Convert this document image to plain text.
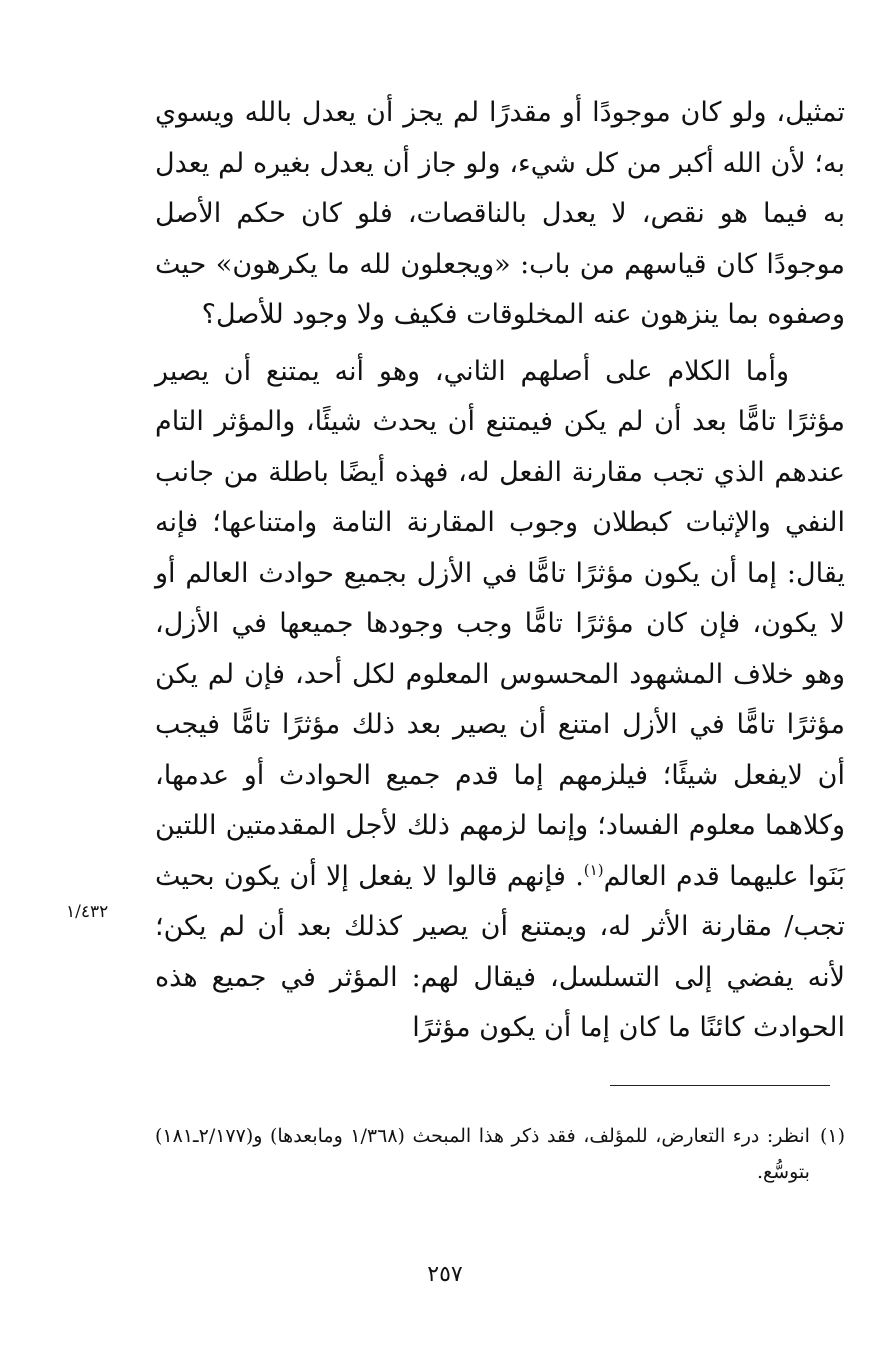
تمثيل، ولو كان موجودًا أو مقدرًا لم يجز أن يعدل بالله ويسوي به؛ لأن الله أكبر من كل شيء، ولو جاز أن يعدل بغيره لم يعدل به فيما هو نقص، لا يعدل بالناقصات، فلو كان حكم الأصل موجودًا كان قياسهم من باب: «ويجعلون لله ما يكرهون» حيث وصفوه بما ينزهون عنه المخلوقات فكيف ولا وجود للأصل؟

وأما الكلام على أصلهم الثاني، وهو أنه يمتنع أن يصير مؤثرًا تامًّا بعد أن لم يكن فيمتنع أن يحدث شيئًا، والمؤثر التام عندهم الذي تجب مقارنة الفعل له، فهذه أيضًا باطلة من جانب النفي والإثبات كبطلان وجوب المقارنة التامة وامتناعها؛ فإنه يقال: إما أن يكون مؤثرًا تامًّا في الأزل بجميع حوادث العالم أو لا يكون، فإن كان مؤثرًا تامًّا وجب وجودها جميعها في الأزل، وهو خلاف المشهود المحسوس المعلوم لكل أحد، فإن لم يكن مؤثرًا تامًّا في الأزل امتنع أن يصير بعد ذلك مؤثرًا تامًّا فيجب أن لايفعل شيئًا؛ فيلزمهم إما قدم جميع الحوادث أو عدمها، وكلاهما معلوم الفساد؛ وإنما لزمهم ذلك لأجل المقدمتين اللتين بَنَوا عليهما قدم العالم$^{(١)}$. فإنهم قالوا لا يفعل إلا أن يكون بحيث تجب/ مقارنة الأثر له، ويمتنع أن يصير كذلك بعد أن لم يكن؛ لأنه يفضي إلى التسلسل، فيقال لهم: المؤثر في جميع هذه الحوادث كائنًا ما كان إما أن يكون مؤثرًا

١/٤٣٢
(١)
انظر: درء التعارض، للمؤلف، فقد ذكر هذا المبحث (١/٣٦٨ ومابعدها) و(٢/١٧٧ـ١٨١) بتوسُّع.
٢٥٧
